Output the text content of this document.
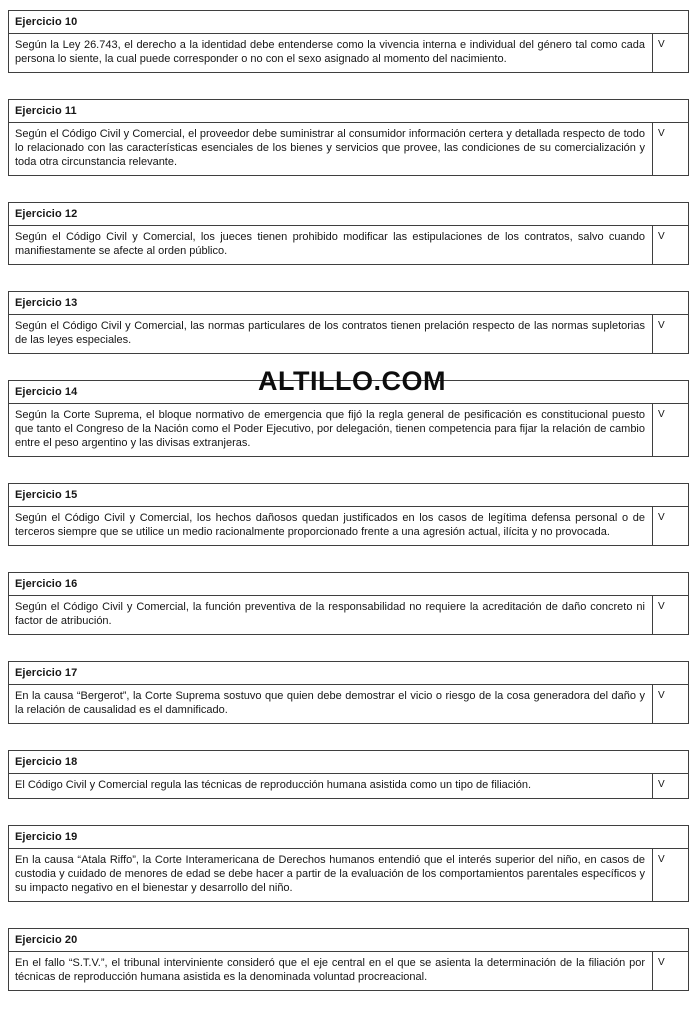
Ejercicio 10
Según la Ley 26.743, el derecho a la identidad debe entenderse como la vivencia interna e individual del género tal como cada persona lo siente, la cual puede corresponder o no con el sexo asignado al momento del nacimiento.
V
Ejercicio 11
Según el Código Civil y Comercial, el proveedor debe suministrar al consumidor información certera y detallada respecto de todo lo relacionado con las características esenciales de los bienes y servicios que provee, las condiciones de su comercialización y toda otra circunstancia relevante.
V
Ejercicio 12
Según el Código Civil y Comercial, los jueces tienen prohibido modificar las estipulaciones de los contratos, salvo cuando manifiestamente se afecte al orden público.
V
Ejercicio 13
Según el Código Civil y Comercial, las normas particulares de los contratos tienen prelación respecto de las normas supletorias de las leyes especiales.
V
Ejercicio 14
Según la Corte Suprema, el bloque normativo de emergencia que fijó la regla general de pesificación es constitucional puesto que tanto el Congreso de la Nación como el Poder Ejecutivo, por delegación, tienen competencia para fijar la relación de cambio entre el peso argentino y las divisas extranjeras.
V
Ejercicio 15
Según el Código Civil y Comercial, los hechos dañosos quedan justificados en los casos de legítima defensa personal o de terceros siempre que se utilice un medio racionalmente proporcionado frente a una agresión actual, ilícita y no provocada.
V
Ejercicio 16
Según el Código Civil y Comercial, la función preventiva de la responsabilidad no requiere la acreditación de daño concreto ni factor de atribución.
V
Ejercicio 17
En la causa “Bergerot”, la Corte Suprema sostuvo que quien debe demostrar el vicio o riesgo de la cosa generadora del daño y la relación de causalidad es el damnificado.
V
Ejercicio 18
El Código Civil y Comercial regula las técnicas de reproducción humana asistida como un tipo de filiación.	V
Ejercicio 19
En la causa “Atala Riffo”, la Corte Interamericana de Derechos humanos entendió que el interés superior del niño, en casos de custodia y cuidado de menores de edad se debe hacer a partir de la evaluación de los comportamientos parentales específicos y su impacto negativo en el bienestar y desarrollo del niño.
V
Ejercicio 20
En el fallo “S.T.V.”, el tribunal interviniente consideró que el eje central en el que se asienta la determinación de la filiación por técnicas de reproducción humana asistida es la denominada voluntad procreacional.
V
ALTILLO.COM
